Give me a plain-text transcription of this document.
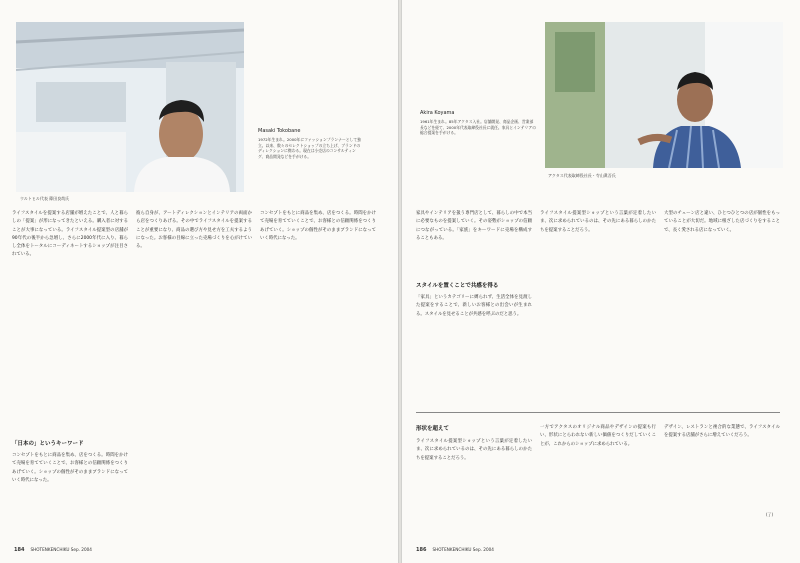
ウルトヒル代表 篠田良哉氏
Masaki Tokobane
1972年生まれ。2000年にファッションプランナーとして独立。以来、数々のセレクトショップの立ち上げ、ブランドのディレクションに携わる。現在は小売店のコンサルティング、商品開発などを手がける。

ライフスタイルを提案する店舗が増えたことで、人と暮らしの「提案」が形になってきたといえる。購入者に対することが大事になっている。ライフスタイル提案型の店舗が90年代の後半から急増し、さらに2000年代に入り、暮らし全体をトータルにコーディネートするショップが注目されている。

「日本の」というキーワード

コンセプトをもとに商品を集め、店をつくる。時間をかけて売場を育てていくことで、お客様との信頼関係をつくりあげていく。ショップの個性がそのままブランドになっていく時代になった。

彼ら自身が、アートディレクションとインテリアの両面から店をつくりあげる。その中でライフスタイルを提案することが重要になり、商品の選び方や見せ方を工夫するようになった。お客様の目線に立った売場づくりを心がけている。

コンセプトをもとに商品を集め、店をつくる。時間をかけて売場を育てていくことで、お客様との信頼関係をつくりあげていく。ショップの個性がそのままブランドになっていく時代になった。

184 SHOTENKENCHIKU Sep. 2004
Akira Koyama
1961年生まれ。85年アクタス入社。店舗開発、商品企画、営業部長などを経て、2000年代表取締役社長に就任。家具とインテリアの総合提案を手がける。
アクタス代表取締役社長・寺山眞吾氏

家具やインテリアを扱う専門店として、暮らしの中で本当に必要なものを提案していく。その姿勢がショップの信頼につながっている。「家族」をキーワードに売場を構成することもある。

スタイルを置くことで共感を得る

「家具」というカテゴリーに縛られず、生活全体を見渡した提案をすることで、新しいお客様との出会いが生まれる。スタイルを見せることが共感を呼ぶのだと思う。

ライフスタイル提案型ショップという言葉が定着したいま、次に求められているのは、その先にある暮らしのかたちを提案することだろう。

大型のチェーン店と違い、ひとつひとつの店が個性をもっていることが大切だ。地域に根ざした店づくりをすることで、長く愛される店になっていく。

形状を超えて

ライフスタイル提案型ショップという言葉が定着したいま、次に求められているのは、その先にある暮らしのかたちを提案することだろう。

一方でアクタスのオリジナル商品やデザインの提案も行い、形状にとらわれない新しい価値をつくりだしていくことが、これからのショップに求められている。

デザイン、レストランと複合的な業態で、ライフスタイルを提案する店舗がさらに増えていくだろう。

(了)
186 SHOTENKENCHIKU Sep. 2004
